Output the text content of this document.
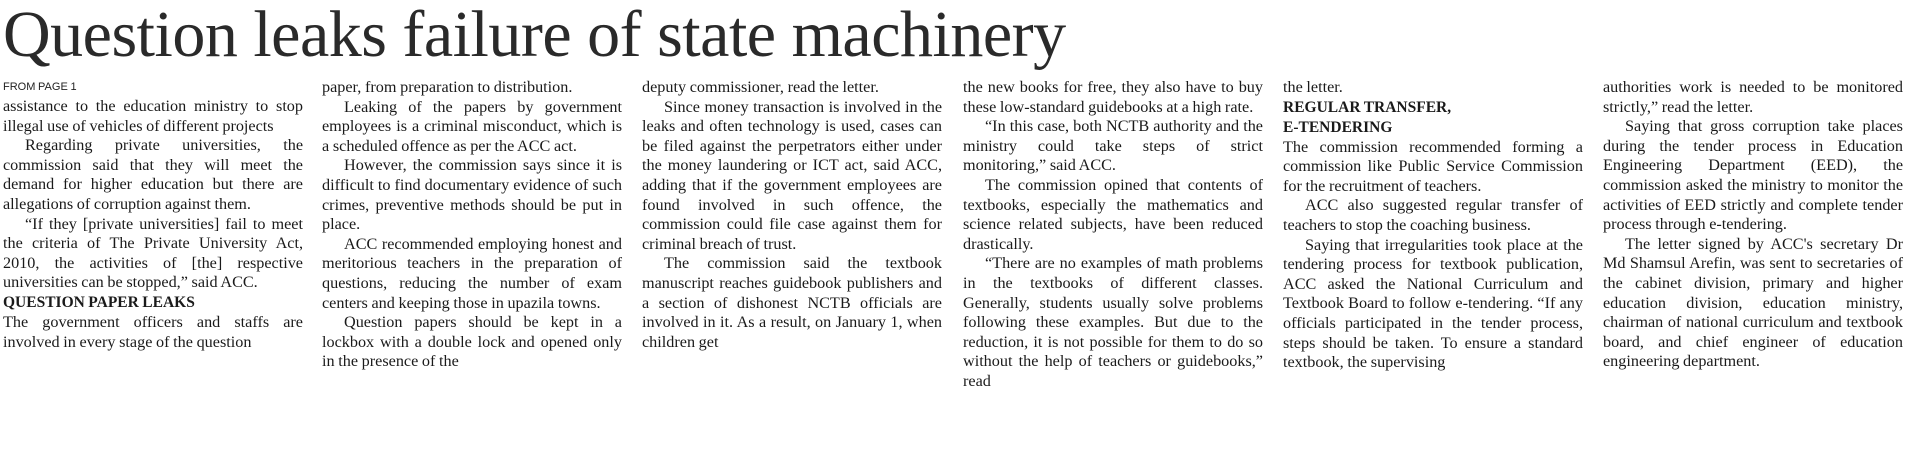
Question leaks failure of state machinery
FROM PAGE 1

assistance to the education ministry to stop illegal use of vehicles of different projects

Regarding private universities, the commission said that they will meet the demand for higher education but there are allegations of corruption against them.

“If they [private universities] fail to meet the criteria of The Private University Act, 2010, the activities of [the] respective universities can be stopped,” said ACC.

QUESTION PAPER LEAKS

The government officers and staffs are involved in every stage of the question

paper, from preparation to distribution.

Leaking of the papers by government employees is a criminal misconduct, which is a scheduled offence as per the ACC act.

However, the commission says since it is difficult to find documentary evidence of such crimes, preventive methods should be put in place.

ACC recommended employing honest and meritorious teachers in the preparation of questions, reducing the number of exam centers and keeping those in upazila towns.

Question papers should be kept in a lockbox with a double lock and opened only in the presence of the

deputy commissioner, read the letter.

Since money transaction is involved in the leaks and often technology is used, cases can be filed against the perpetrators either under the money laundering or ICT act, said ACC, adding that if the government employees are found involved in such offence, the commission could file case against them for criminal breach of trust.

The commission said the textbook manuscript reaches guidebook publishers and a section of dishonest NCTB officials are involved in it. As a result, on January 1, when children get

the new books for free, they also have to buy these low-standard guidebooks at a high rate.

“In this case, both NCTB authority and the ministry could take steps of strict monitoring,” said ACC.

The commission opined that contents of textbooks, especially the mathematics and science related subjects, have been reduced drastically.

“There are no examples of math problems in the textbooks of different classes. Generally, students usually solve problems following these examples. But due to the reduction, it is not possible for them to do so without the help of teachers or guidebooks,” read

the letter.

REGULAR TRANSFER,
E-TENDERING

The commission recommended forming a commission like Public Service Commission for the recruitment of teachers.

ACC also suggested regular transfer of teachers to stop the coaching business.

Saying that irregularities took place at the tendering process for textbook publication, ACC asked the National Curriculum and Textbook Board to follow e-tendering. “If any officials participated in the tender process, steps should be taken. To ensure a standard textbook, the supervising

authorities work is needed to be monitored strictly,” read the letter.

Saying that gross corruption take places during the tender process in Education Engineering Department (EED), the commission asked the ministry to monitor the activities of EED strictly and complete tender process through e-tendering.

The letter signed by ACC's secretary Dr Md Shamsul Arefin, was sent to secretaries of the cabinet division, primary and higher education division, education ministry, chairman of national curriculum and textbook board, and chief engineer of education engineering department.
